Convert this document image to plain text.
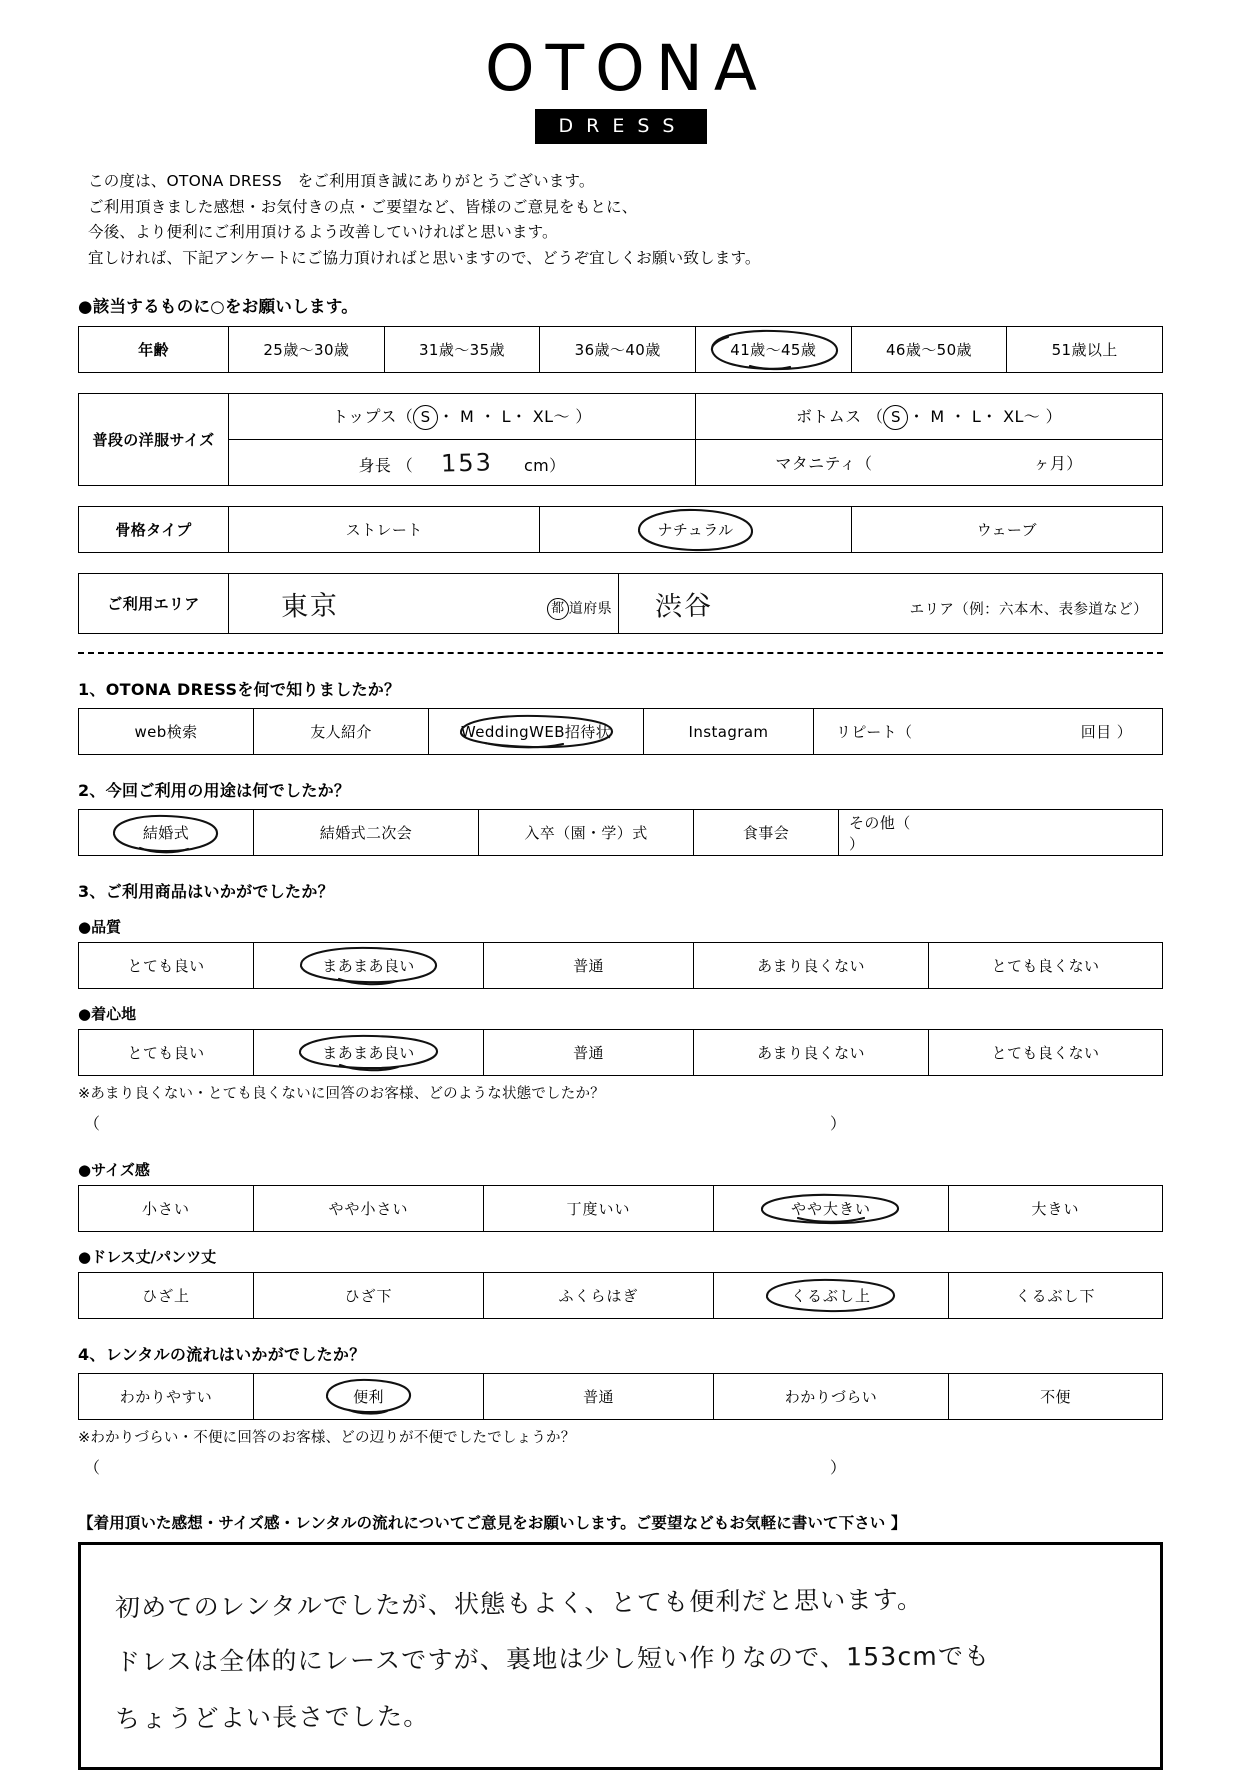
OTONA
DRESS
この度は、OTONA DRESS　をご利用頂き誠にありがとうございます。
ご利用頂きました感想・お気付きの点・ご要望など、皆様のご意見をもとに、
今後、より便利にご利用頂けるよう改善していければと思います。
宜しければ、下記アンケートにご協力頂ければと思いますので、どうぞ宜しくお願い致します。
●該当するものに○をお願いします。
年齢	25歳〜30歳	31歳〜35歳	36歳〜40歳	41歳〜45歳	46歳〜50歳	51歳以上
普段の洋服サイズ	トップス（ S ・ M ・ L・ XL〜 ）	ボトムス （ S ・ M ・ L・ XL〜 ）
	身長 （ 153 cm）	マタニティ（ ヶ月）
骨格タイプ	ストレート	ナチュラル	ウェーブ
ご利用エリア	東京	都 道府県	渋谷	エリア（例：六本木、表参道など）
1、OTONA DRESSを何で知りましたか？
web検索	友人紹介	WeddingWEB招待状	Instagram	リピート（	回目 ）
2、今回ご利用の用途は何でしたか？
結婚式	結婚式二次会	入卒（園・学）式	食事会	その他（  ）
3、ご利用商品はいかがでしたか？
●品質
とても良い	まあまあ良い	普通	あまり良くない	とても良くない
●着心地
とても良い	まあまあ良い	普通	あまり良くない	とても良くない
※あまり良くない・とても良くないに回答のお客様、どのような状態でしたか？
（	）
●サイズ感
小さい	やや小さい	丁度いい	やや大きい	大きい
●ドレス丈/パンツ丈
ひざ上	ひざ下	ふくらはぎ	くるぶし上	くるぶし下
4、レンタルの流れはいかがでしたか？
わかりやすい	便利	普通	わかりづらい	不便
※わかりづらい・不便に回答のお客様、どの辺りが不便でしたでしょうか？
（	）
【着用頂いた感想・サイズ感・レンタルの流れについてご意見をお願いします。ご要望などもお気軽に書いて下さい 】
初めてのレンタルでしたが、状態もよく、とても便利だと思います。
ドレスは全体的にレースですが、裏地は少し短い作りなので、153cmでも
ちょうどよい長さでした。
